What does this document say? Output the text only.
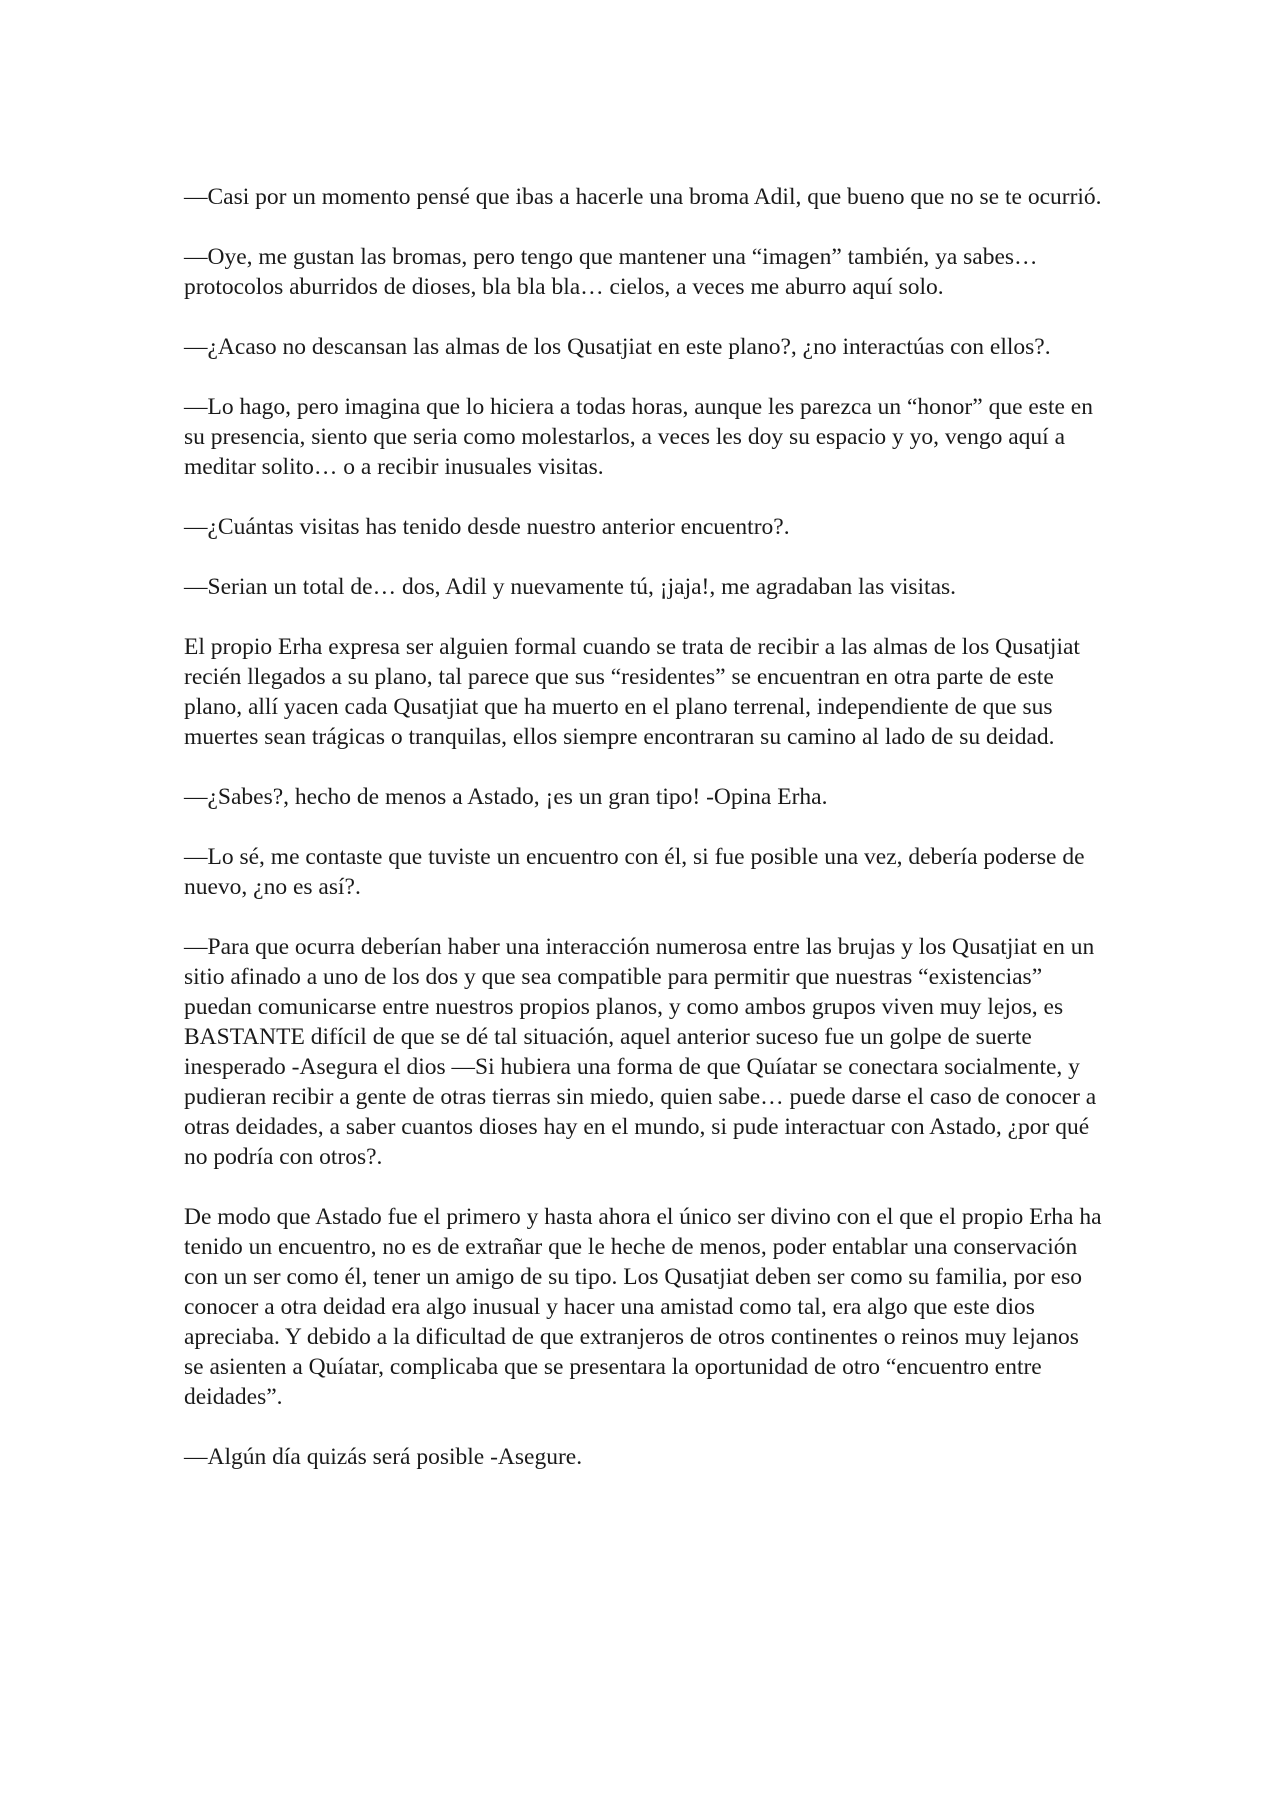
—Casi por un momento pensé que ibas a hacerle una broma Adil, que bueno que no se te ocurrió.

—Oye, me gustan las bromas, pero tengo que mantener una “imagen” también, ya sabes… protocolos aburridos de dioses, bla bla bla… cielos, a veces me aburro aquí solo.

—¿Acaso no descansan las almas de los Qusatjiat en este plano?, ¿no interactúas con ellos?.

—Lo hago, pero imagina que lo hiciera a todas horas, aunque les parezca un “honor” que este en su presencia, siento que seria como molestarlos, a veces les doy su espacio y yo, vengo aquí a meditar solito… o a recibir inusuales visitas.

—¿Cuántas visitas has tenido desde nuestro anterior encuentro?.

—Serian un total de… dos, Adil y nuevamente tú, ¡jaja!, me agradaban las visitas.

El propio Erha expresa ser alguien formal cuando se trata de recibir a las almas de los Qusatjiat recién llegados a su plano, tal parece que sus “residentes” se encuentran en otra parte de este plano, allí yacen cada Qusatjiat que ha muerto en el plano terrenal, independiente de que sus muertes sean trágicas o tranquilas, ellos siempre encontraran su camino al lado de su deidad.

—¿Sabes?, hecho de menos a Astado, ¡es un gran tipo! -Opina Erha.

—Lo sé, me contaste que tuviste un encuentro con él, si fue posible una vez, debería poderse de nuevo, ¿no es así?.

—Para que ocurra deberían haber una interacción numerosa entre las brujas y los Qusatjiat en un sitio afinado a uno de los dos y que sea compatible para permitir que nuestras “existencias” puedan comunicarse entre nuestros propios planos, y como ambos grupos viven muy lejos, es BASTANTE difícil de que se dé tal situación, aquel anterior suceso fue un golpe de suerte inesperado -Asegura el dios —Si hubiera una forma de que Quíatar se conectara socialmente, y pudieran recibir a gente de otras tierras sin miedo, quien sabe… puede darse el caso de conocer a otras deidades, a saber cuantos dioses hay en el mundo, si pude interactuar con Astado, ¿por qué no podría con otros?.

De modo que Astado fue el primero y hasta ahora el único ser divino con el que el propio Erha ha tenido un encuentro, no es de extrañar que le heche de menos, poder entablar una conservación con un ser como él, tener un amigo de su tipo. Los Qusatjiat deben ser como su familia, por eso conocer a otra deidad era algo inusual y hacer una amistad como tal, era algo que este dios apreciaba. Y debido a la dificultad de que extranjeros de otros continentes o reinos muy lejanos se asienten a Quíatar, complicaba que se presentara la oportunidad de otro “encuentro entre deidades”.

—Algún día quizás será posible -Asegure.
